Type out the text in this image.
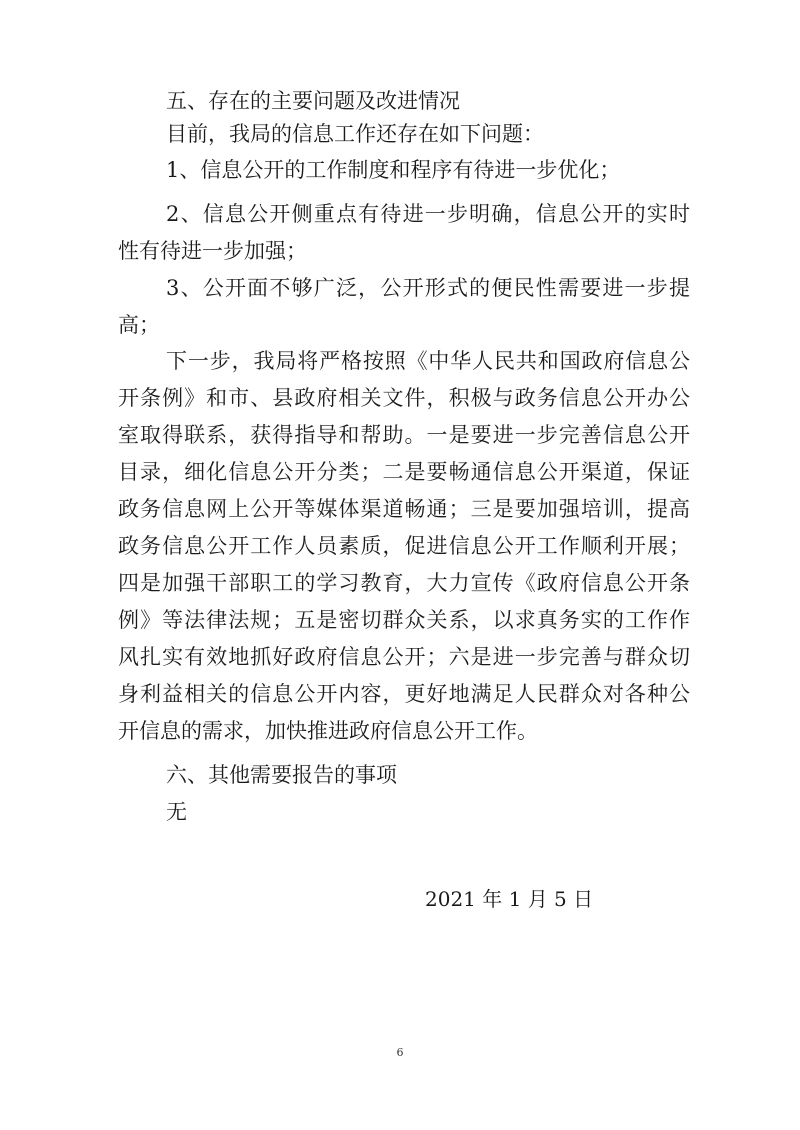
五、存在的主要问题及改进情况
目前，我局的信息工作还存在如下问题：
1、信息公开的工作制度和程序有待进一步优化；
2、信息公开侧重点有待进一步明确，信息公开的实时
性有待进一步加强；
3、公开面不够广泛，公开形式的便民性需要进一步提
高；
下一步，我局将严格按照《中华人民共和国政府信息公
开条例》和市、县政府相关文件，积极与政务信息公开办公
室取得联系，获得指导和帮助。一是要进一步完善信息公开
目录，细化信息公开分类；二是要畅通信息公开渠道，保证
政务信息网上公开等媒体渠道畅通；三是要加强培训，提高
政务信息公开工作人员素质，促进信息公开工作顺利开展；
四是加强干部职工的学习教育，大力宣传《政府信息公开条
例》等法律法规；五是密切群众关系，以求真务实的工作作
风扎实有效地抓好政府信息公开；六是进一步完善与群众切
身利益相关的信息公开内容，更好地满足人民群众对各种公
开信息的需求，加快推进政府信息公开工作。
六、其他需要报告的事项
无
2021 年 1 月 5 日
6
